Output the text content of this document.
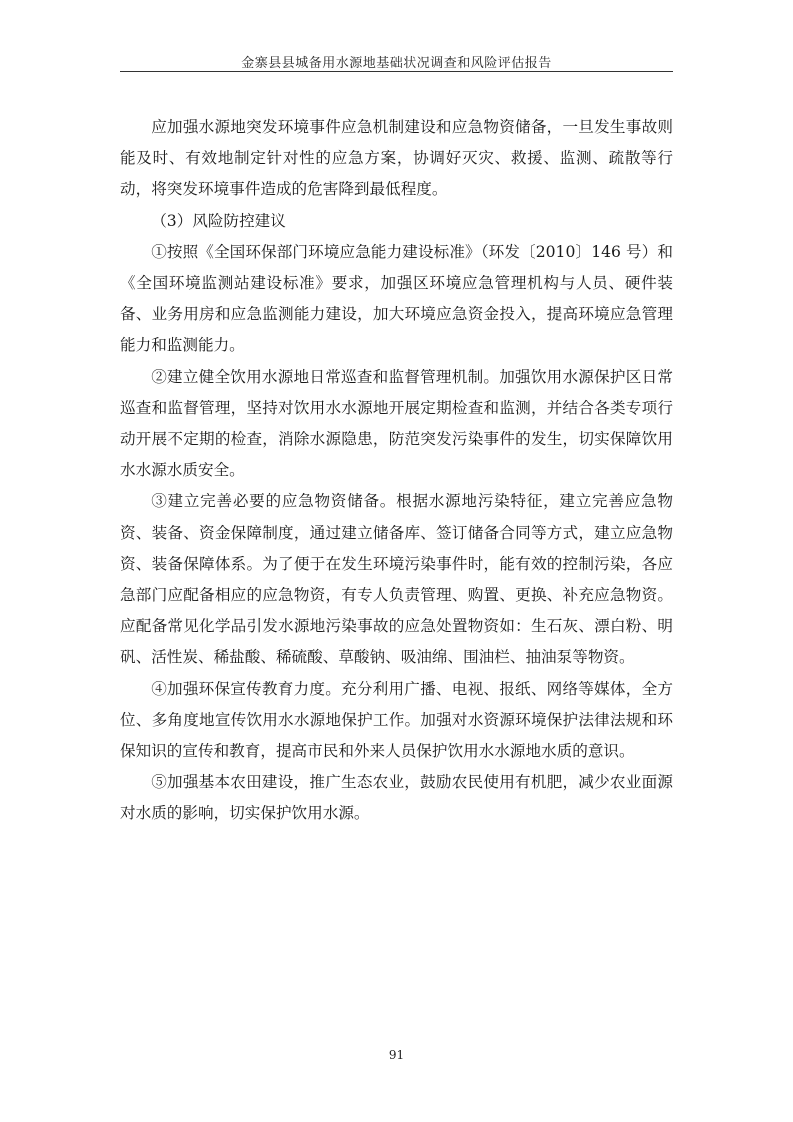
金寨县县城备用水源地基础状况调查和风险评估报告

应加强水源地突发环境事件应急机制建设和应急物资储备，一旦发生事故则能及时、有效地制定针对性的应急方案，协调好灭灾、救援、监测、疏散等行动，将突发环境事件造成的危害降到最低程度。

（3）风险防控建议

①按照《全国环保部门环境应急能力建设标准》（环发〔2010〕146 号）和《全国环境监测站建设标准》要求，加强区环境应急管理机构与人员、硬件装备、业务用房和应急监测能力建设，加大环境应急资金投入，提高环境应急管理能力和监测能力。

②建立健全饮用水源地日常巡查和监督管理机制。加强饮用水源保护区日常巡查和监督管理，坚持对饮用水水源地开展定期检查和监测，并结合各类专项行动开展不定期的检查，消除水源隐患，防范突发污染事件的发生，切实保障饮用水水源水质安全。

③建立完善必要的应急物资储备。根据水源地污染特征，建立完善应急物资、装备、资金保障制度，通过建立储备库、签订储备合同等方式，建立应急物资、装备保障体系。为了便于在发生环境污染事件时，能有效的控制污染，各应急部门应配备相应的应急物资，有专人负责管理、购置、更换、补充应急物资。应配备常见化学品引发水源地污染事故的应急处置物资如：生石灰、漂白粉、明矾、活性炭、稀盐酸、稀硫酸、草酸钠、吸油绵、围油栏、抽油泵等物资。

④加强环保宣传教育力度。充分利用广播、电视、报纸、网络等媒体，全方位、多角度地宣传饮用水水源地保护工作。加强对水资源环境保护法律法规和环保知识的宣传和教育，提高市民和外来人员保护饮用水水源地水质的意识。

⑤加强基本农田建设，推广生态农业，鼓励农民使用有机肥，减少农业面源对水质的影响，切实保护饮用水源。

91
